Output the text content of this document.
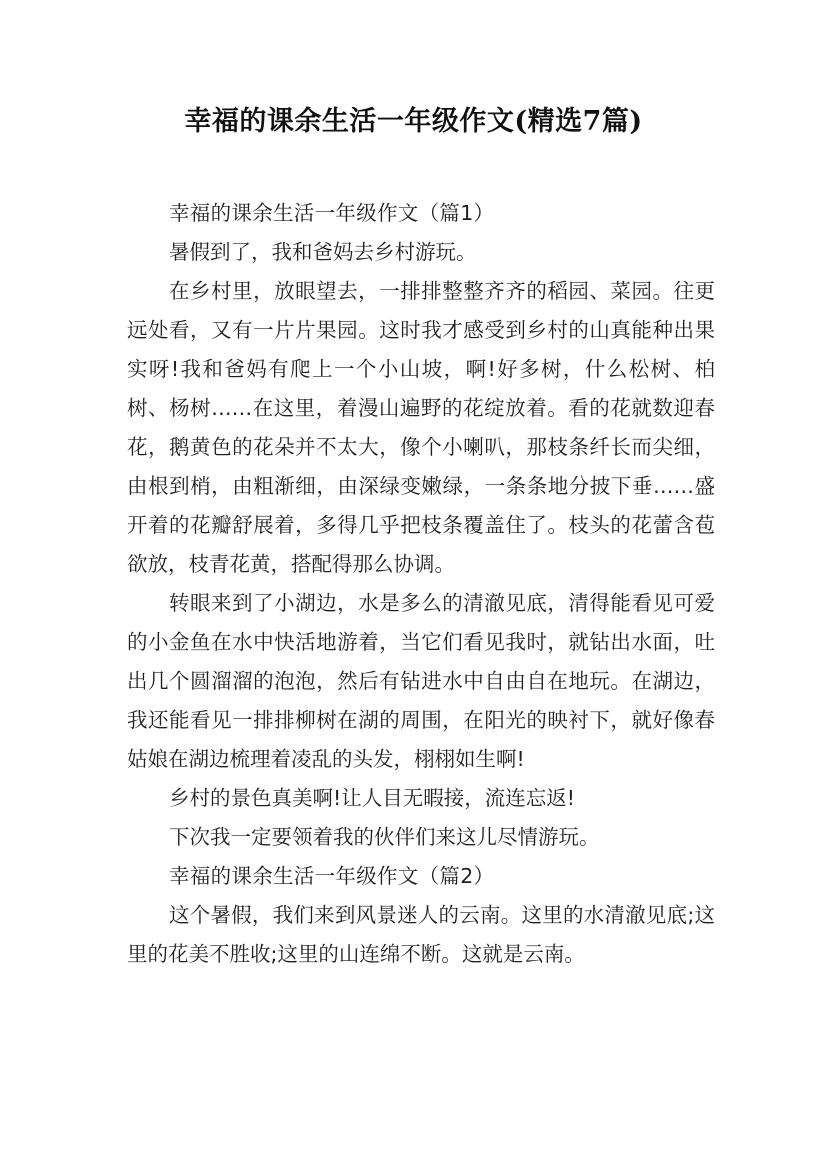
幸福的课余生活一年级作文(精选7篇)

幸福的课余生活一年级作文（篇1）

暑假到了，我和爸妈去乡村游玩。

在乡村里，放眼望去，一排排整整齐齐的稻园、菜园。往更远处看，又有一片片果园。这时我才感受到乡村的山真能种出果实呀!我和爸妈有爬上一个小山坡，啊!好多树，什么松树、柏树、杨树……在这里，着漫山遍野的花绽放着。看的花就数迎春花，鹅黄色的花朵并不太大，像个小喇叭，那枝条纤长而尖细，由根到梢，由粗渐细，由深绿变嫩绿，一条条地分披下垂……盛开着的花瓣舒展着，多得几乎把枝条覆盖住了。枝头的花蕾含苞欲放，枝青花黄，搭配得那么协调。

转眼来到了小湖边，水是多么的清澈见底，清得能看见可爱的小金鱼在水中快活地游着，当它们看见我时，就钻出水面，吐出几个圆溜溜的泡泡，然后有钻进水中自由自在地玩。在湖边，我还能看见一排排柳树在湖的周围，在阳光的映衬下，就好像春姑娘在湖边梳理着凌乱的头发，栩栩如生啊!

乡村的景色真美啊!让人目无暇接，流连忘返!

下次我一定要领着我的伙伴们来这儿尽情游玩。

幸福的课余生活一年级作文（篇2）

这个暑假，我们来到风景迷人的云南。这里的水清澈见底;这里的花美不胜收;这里的山连绵不断。这就是云南。
